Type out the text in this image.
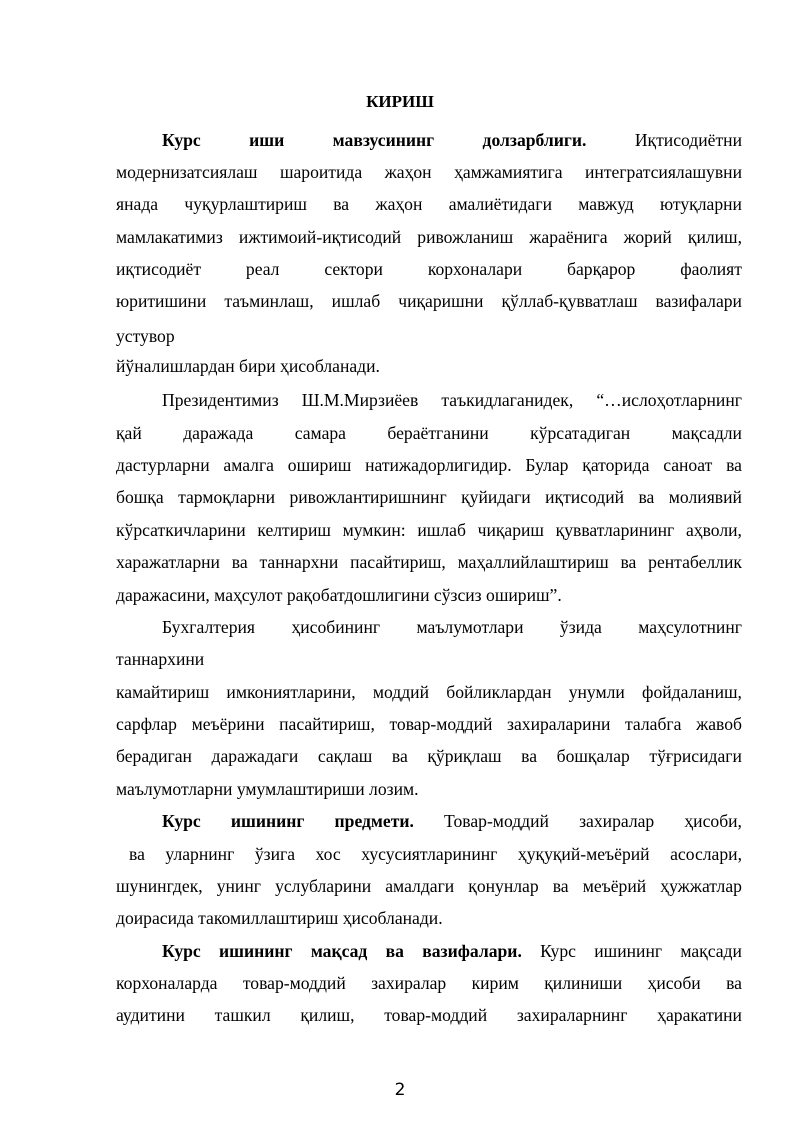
КИРИШ
Курс	иши	мавзусининг	долзарблиги.	Иқтисодиётни
модернизатсиялаш шароитида жаҳон ҳамжамиятига интегратсиялашувни
янада чуқурлаштириш ва жаҳон амалиётидаги мавжуд ютуқларни
мамлакатимиз ижтимоий-иқтисодий ривожланиш жараёнига жорий қилиш,
иқтисодиёт	реал	сектори	корхоналари	барқарор	фаолият
юритишини таъминлаш, ишлаб чиқаришни қўллаб-қувватлаш вазифалари
устувор
йўналишлардан бири ҳисобланади.
Президентимиз Ш.М.Мирзиёев таъкидлаганидек, “…ислоҳотларнинг
қай даражада самара бераётганини кўрсатадиган мақсадли
дастурларни амалга ошириш натижадорлигидир. Булар қаторида саноат ва
бошқа тармоқларни ривожлантиришнинг қуйидаги иқтисодий ва молиявий
кўрсаткичларини келтириш мумкин: ишлаб чиқариш қувватларининг аҳволи,
харажатларни ва таннархни пасайтириш, маҳаллийлаштириш ва рентабеллик
даражасини, маҳсулот рақобатдошлигини сўзсиз ошириш”.
Бухгалтерия ҳисобининг маълумотлари ўзида маҳсулотнинг
таннархини
камайтириш имкониятларини, моддий бойликлардан унумли фойдаланиш,
сарфлар меъёрини пасайтириш, товар-моддий захираларини талабга жавоб
берадиган даражадаги сақлаш ва қўриқлаш ва бошқалар тўғрисидаги
маълумотларни умумлаштириши лозим.
Курс ишининг предмети. Товар-моддий захиралар ҳисоби,
ва уларнинг ўзига хос хусусиятларининг ҳуқуқий-меъёрий асослари,
шунингдек, унинг услубларини амалдаги қонунлар ва меъёрий ҳужжатлар
доирасида такомиллаштириш ҳисобланади.
Курс ишининг мақсад ва вазифалари. Курс ишининг мақсади
корхоналарда товар-моддий захиралар кирим қилиниши ҳисоби ва
аудитини ташкил қилиш, товар-моддий захираларнинг ҳаракатини
2
